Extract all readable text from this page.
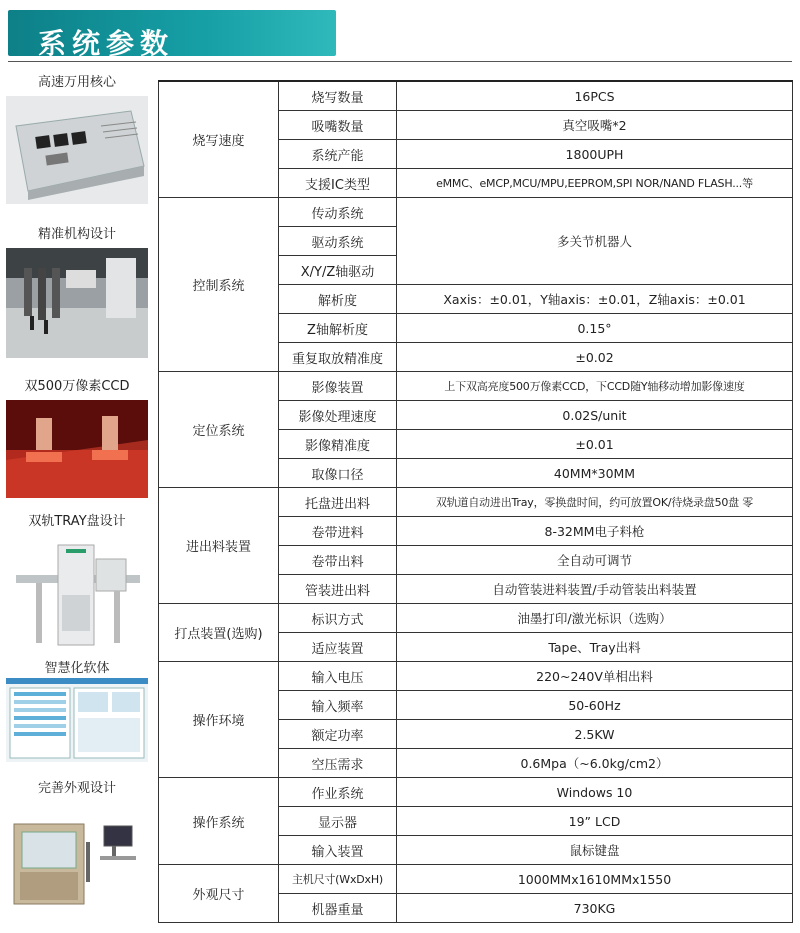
系统参数
高速万用核心
精准机构设计
双500万像素CCD
双轨TRAY盘设计
智慧化软体
完善外观设计
烧写速度	烧写数量	16PCS
	吸嘴数量	真空吸嘴*2
	系统产能	1800UPH
	支援IC类型	eMMC、eMCP,MCU/MPU,EEPROM,SPI NOR/NAND FLASH...等
控制系统	传动系统	多关节机器人
	驱动系统	
	X/Y/Z轴驱动	
	解析度	Xaxis：±0.01，Y轴axis：±0.01，Z轴axis：±0.01
	Z轴解析度	0.15°
	重复取放精准度	±0.02
定位系统	影像装置	上下双高亮度500万像素CCD，下CCD随Y轴移动增加影像速度
	影像处理速度	0.02S/unit
	影像精准度	±0.01
	取像口径	40MM*30MM
进出料装置	托盘进出料	双轨道自动进出Tray，零换盘时间，约可放置OK/待烧录盘50盘 零
	卷带进料	8-32MM电子料枪
	卷带出料	全自动可调节
	管装进出料	自动管装进料装置/手动管装出料装置
打点装置(选购)	标识方式	油墨打印/激光标识（选购）
	适应装置	Tape、Tray出料
操作环境	输入电压	220~240V单相出料
	输入频率	50-60Hz
	额定功率	2.5KW
	空压需求	0.6Mpa（~6.0kg/cm2）
操作系统	作业系统	Windows 10
	显示器	19” LCD
	输入装置	鼠标键盘
外观尺寸	主机尺寸(WxDxH)	1000MMx1610MMx1550
	机器重量	730KG
